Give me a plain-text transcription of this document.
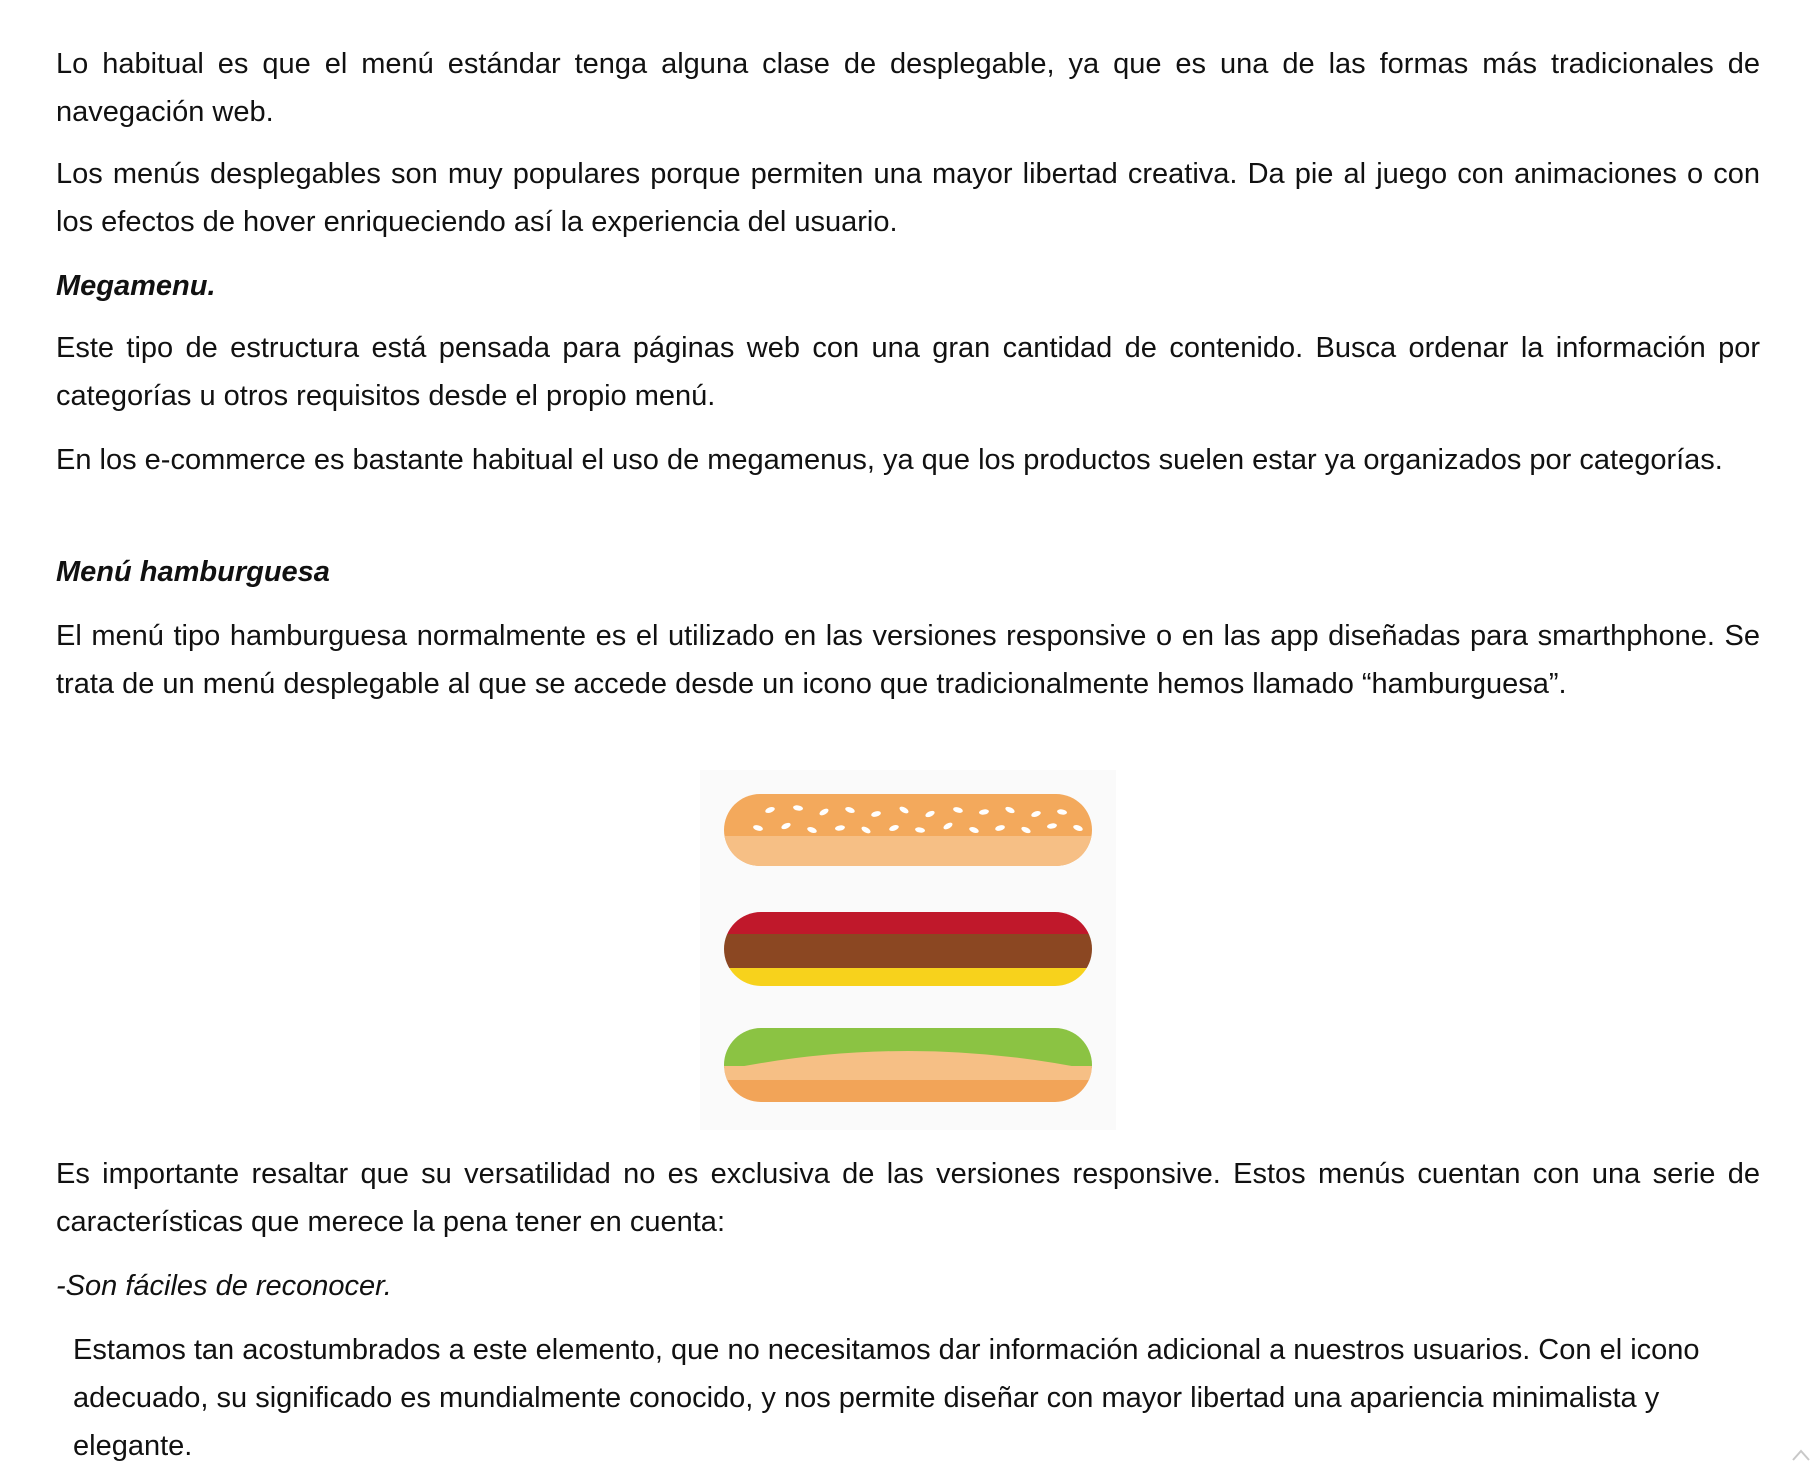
Lo habitual es que el menú estándar tenga alguna clase de desplegable, ya que es una de las formas más tradicionales de navegación web.

Los menús desplegables son muy populares porque permiten una mayor libertad creativa. Da pie al juego con animaciones o con los efectos de hover enriqueciendo así la experiencia del usuario.

Megamenu.

Este tipo de estructura está pensada para páginas web con una gran cantidad de contenido. Busca ordenar la información por categorías u otros requisitos desde el propio menú.

En los e-commerce es bastante habitual el uso de megamenus, ya que los productos suelen estar ya organizados por categorías.

Menú hamburguesa

El menú tipo hamburguesa normalmente es el utilizado en las versiones responsive o en las app diseñadas para smarthphone. Se trata de un menú desplegable al que se accede desde un icono que tradicionalmente hemos llamado “hamburguesa”.

Es importante resaltar que su versatilidad no es exclusiva de las versiones responsive. Estos menús cuentan con una serie de características que merece la pena tener en cuenta:

-Son fáciles de reconocer.

Estamos tan acostumbrados a este elemento, que no necesitamos dar información adicional a nuestros usuarios. Con el icono adecuado, su significado es mundialmente conocido, y nos permite diseñar con mayor libertad una apariencia minimalista y elegante.
